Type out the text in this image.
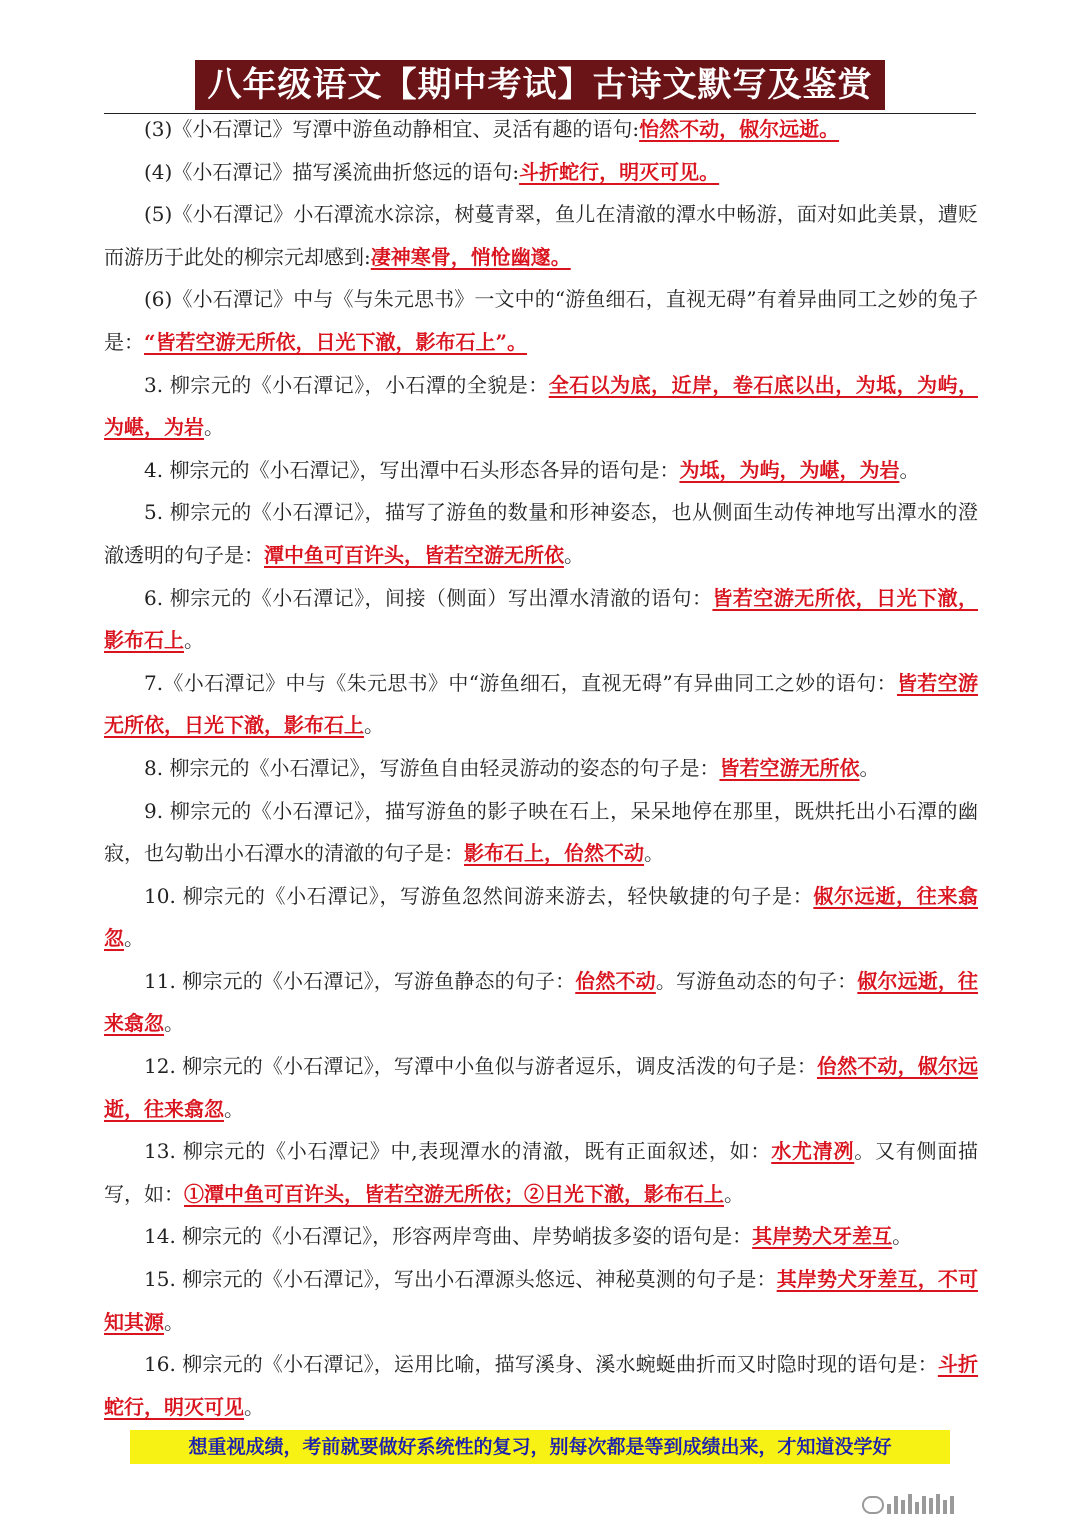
八年级语文【期中考试】古诗文默写及鉴赏

(3)《小石潭记》写潭中游鱼动静相宜、灵活有趣的语句:怡然不动，俶尔远逝。

(4)《小石潭记》描写溪流曲折悠远的语句:斗折蛇行，明灭可见。

(5)《小石潭记》小石潭流水淙淙，树蔓青翠，鱼儿在清澈的潭水中畅游，面对如此美景，遭贬而游历于此处的柳宗元却感到:凄神寒骨，悄怆幽邃。

(6)《小石潭记》中与《与朱元思书》一文中的“游鱼细石，直视无碍”有着异曲同工之妙的兔子是：“皆若空游无所依，日光下澈，影布石上”。

3. 柳宗元的《小石潭记》，小石潭的全貌是：全石以为底，近岸，卷石底以出，为坻，为屿，为嵁，为岩。

4. 柳宗元的《小石潭记》，写出潭中石头形态各异的语句是：为坻，为屿，为嵁，为岩。

5. 柳宗元的《小石潭记》，描写了游鱼的数量和形神姿态，也从侧面生动传神地写出潭水的澄澈透明的句子是：潭中鱼可百许头，皆若空游无所依。

6. 柳宗元的《小石潭记》，间接（侧面）写出潭水清澈的语句：皆若空游无所依，日光下澈，影布石上。

7.《小石潭记》中与《朱元思书》中“游鱼细石，直视无碍”有异曲同工之妙的语句：皆若空游无所依，日光下澈，影布石上。

8. 柳宗元的《小石潭记》，写游鱼自由轻灵游动的姿态的句子是：皆若空游无所依。

9. 柳宗元的《小石潭记》，描写游鱼的影子映在石上，呆呆地停在那里，既烘托出小石潭的幽寂，也勾勒出小石潭水的清澈的句子是：影布石上，佁然不动。

10. 柳宗元的《小石潭记》，写游鱼忽然间游来游去，轻快敏捷的句子是：俶尔远逝，往来翕忽。

11. 柳宗元的《小石潭记》，写游鱼静态的句子：佁然不动。写游鱼动态的句子：俶尔远逝，往来翕忽。

12. 柳宗元的《小石潭记》，写潭中小鱼似与游者逗乐，调皮活泼的句子是：佁然不动，俶尔远逝，往来翕忽。

13. 柳宗元的《小石潭记》中,表现潭水的清澈，既有正面叙述，如：水尤清冽。又有侧面描写，如：①潭中鱼可百许头，皆若空游无所依；②日光下澈，影布石上。

14. 柳宗元的《小石潭记》，形容两岸弯曲、岸势峭拔多姿的语句是：其岸势犬牙差互。

15. 柳宗元的《小石潭记》，写出小石潭源头悠远、神秘莫测的句子是：其岸势犬牙差互，不可知其源。

16. 柳宗元的《小石潭记》，运用比喻，描写溪身、溪水蜿蜒曲折而又时隐时现的语句是：斗折蛇行，明灭可见。

想重视成绩，考前就要做好系统性的复习，别每次都是等到成绩出来，才知道没学好
